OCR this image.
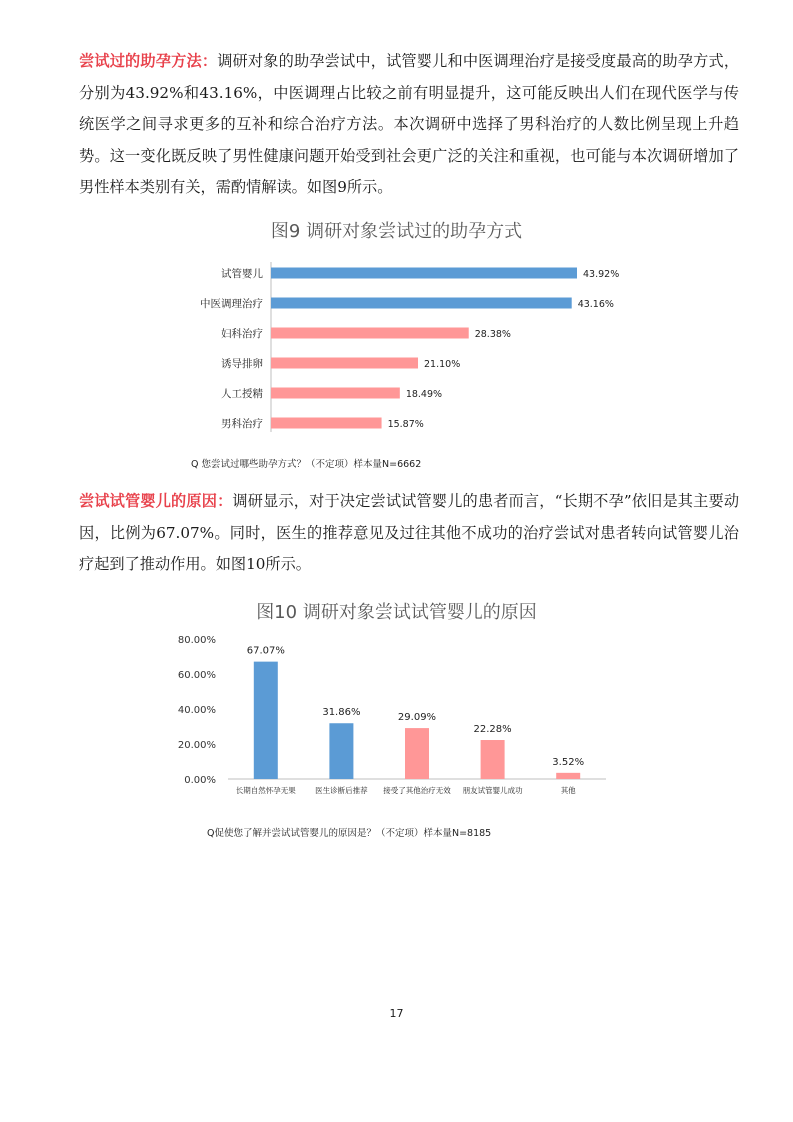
尝试过的助孕方法：调研对象的助孕尝试中，试管婴儿和中医调理治疗是接受度最高的助孕方式，分别为43.92%和43.16%，中医调理占比较之前有明显提升，这可能反映出人们在现代医学与传统医学之间寻求更多的互补和综合治疗方法。本次调研中选择了男科治疗的人数比例呈现上升趋势。这一变化既反映了男性健康问题开始受到社会更广泛的关注和重视，也可能与本次调研增加了男性样本类别有关，需酌情解读。如图9所示。
图9 调研对象尝试过的助孕方式
试管婴儿	43.92%
中医调理治疗	43.16%
妇科治疗	28.38%
诱导排卵	21.10%
人工授精	18.49%
男科治疗	15.87%
Q 您尝试过哪些助孕方式？（不定项）样本量N=6662
尝试试管婴儿的原因：调研显示，对于决定尝试试管婴儿的患者而言，“长期不孕”依旧是其主要动因，比例为67.07%。同时，医生的推荐意见及过往其他不成功的治疗尝试对患者转向试管婴儿治疗起到了推动作用。如图10所示。
图10 调研对象尝试试管婴儿的原因
0.00%
20.00%
40.00%
60.00%
80.00%
67.07%
长期自然怀孕无果
31.86%
医生诊断后推荐
29.09%
接受了其他治疗无效
22.28%
朋友试管婴儿成功
3.52%
其他
Q促使您了解并尝试试管婴儿的原因是？（不定项）样本量N=8185
17
